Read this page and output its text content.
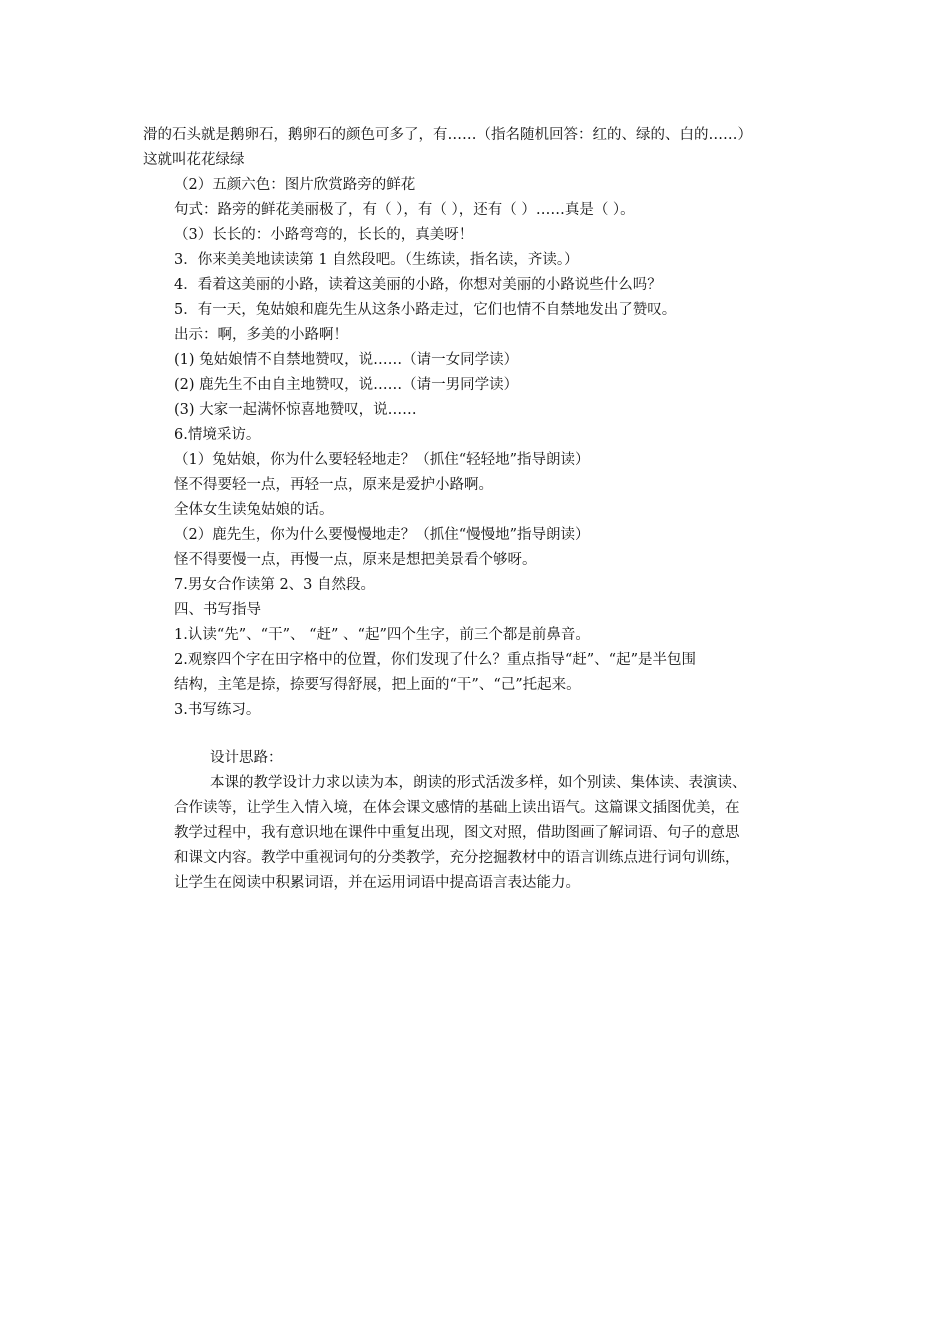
滑的石头就是鹅卵石，鹅卵石的颜色可多了，有……（指名随机回答：红的、绿的、白的……）
这就叫花花绿绿
（2）五颜六色：图片欣赏路旁的鲜花
句式：路旁的鲜花美丽极了，有（ ），有（ ），还有（ ）……真是（ ）。
（3）长长的：小路弯弯的，长长的，真美呀！
3．你来美美地读读第 1 自然段吧。（生练读，指名读，齐读。）
4．看着这美丽的小路，读着这美丽的小路，你想对美丽的小路说些什么吗？
5．有一天，兔姑娘和鹿先生从这条小路走过，它们也情不自禁地发出了赞叹。
出示：啊，多美的小路啊！
(1) 兔姑娘情不自禁地赞叹，说……（请一女同学读）
(2) 鹿先生不由自主地赞叹，说……（请一男同学读）
(3) 大家一起满怀惊喜地赞叹，说……
6.情境采访。
（1）兔姑娘，你为什么要轻轻地走？（抓住“轻轻地”指导朗读）
怪不得要轻一点，再轻一点，原来是爱护小路啊。
全体女生读兔姑娘的话。
（2）鹿先生，你为什么要慢慢地走？（抓住“慢慢地”指导朗读）
怪不得要慢一点，再慢一点，原来是想把美景看个够呀。
7.男女合作读第 2、3 自然段。
四、书写指导
1.认读“先”、“干”、 “赶” 、“起”四个生字，前三个都是前鼻音。
2.观察四个字在田字格中的位置，你们发现了什么？重点指导“赶”、“起”是半包围
结构，主笔是捺，捺要写得舒展，把上面的“干”、“己”托起来。
3.书写练习。
设计思路：
本课的教学设计力求以读为本，朗读的形式活泼多样，如个别读、集体读、表演读、
合作读等，让学生入情入境，在体会课文感情的基础上读出语气。这篇课文插图优美，在
教学过程中，我有意识地在课件中重复出现，图文对照，借助图画了解词语、句子的意思
和课文内容。教学中重视词句的分类教学，充分挖掘教材中的语言训练点进行词句训练，
让学生在阅读中积累词语，并在运用词语中提高语言表达能力。
